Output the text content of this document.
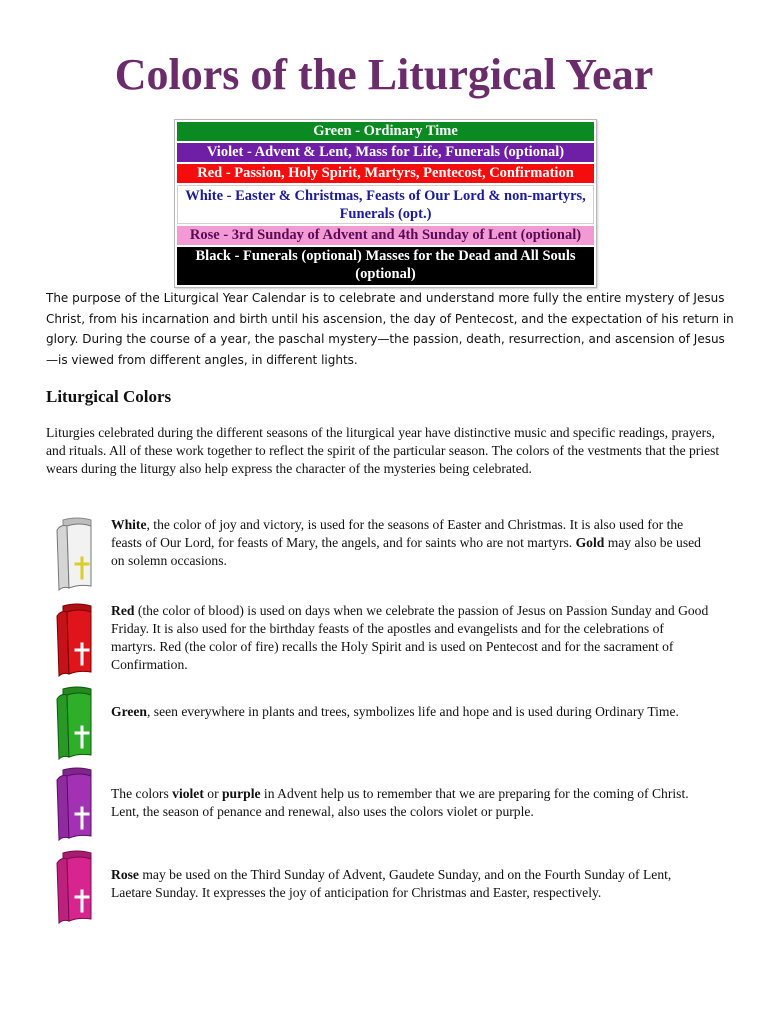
Colors of the Liturgical Year
Green - Ordinary Time
Violet - Advent & Lent, Mass for Life, Funerals (optional)
Red - Passion, Holy Spirit, Martyrs, Pentecost, Confirmation
White - Easter & Christmas, Feasts of Our Lord & non-martyrs, Funerals (opt.)
Rose - 3rd Sunday of Advent and 4th Sunday of Lent (optional)
Black - Funerals (optional) Masses for the Dead and All Souls (optional)

The purpose of the Liturgical Year Calendar is to celebrate and understand more fully the entire mystery of Jesus Christ, from his incarnation and birth until his ascension, the day of Pentecost, and the expectation of his return in glory. During the course of a year, the paschal mystery—the passion, death, resurrection, and ascension of Jesus—is viewed from different angles, in different lights.

Liturgical Colors

Liturgies celebrated during the different seasons of the liturgical year have distinctive music and specific readings, prayers, and rituals. All of these work together to reflect the spirit of the particular season. The colors of the vestments that the priest wears during the liturgy also help express the character of the mysteries being celebrated.

White, the color of joy and victory, is used for the seasons of Easter and Christmas. It is also used for the feasts of Our Lord, for feasts of Mary, the angels, and for saints who are not martyrs. Gold may also be used on solemn occasions.

Red (the color of blood) is used on days when we celebrate the passion of Jesus on Passion Sunday and Good Friday. It is also used for the birthday feasts of the apostles and evangelists and for the celebrations of martyrs. Red (the color of fire) recalls the Holy Spirit and is used on Pentecost and for the sacrament of Confirmation.

Green, seen everywhere in plants and trees, symbolizes life and hope and is used during Ordinary Time.

The colors violet or purple in Advent help us to remember that we are preparing for the coming of Christ. Lent, the season of penance and renewal, also uses the colors violet or purple.

Rose may be used on the Third Sunday of Advent, Gaudete Sunday, and on the Fourth Sunday of Lent, Laetare Sunday. It expresses the joy of anticipation for Christmas and Easter, respectively.
